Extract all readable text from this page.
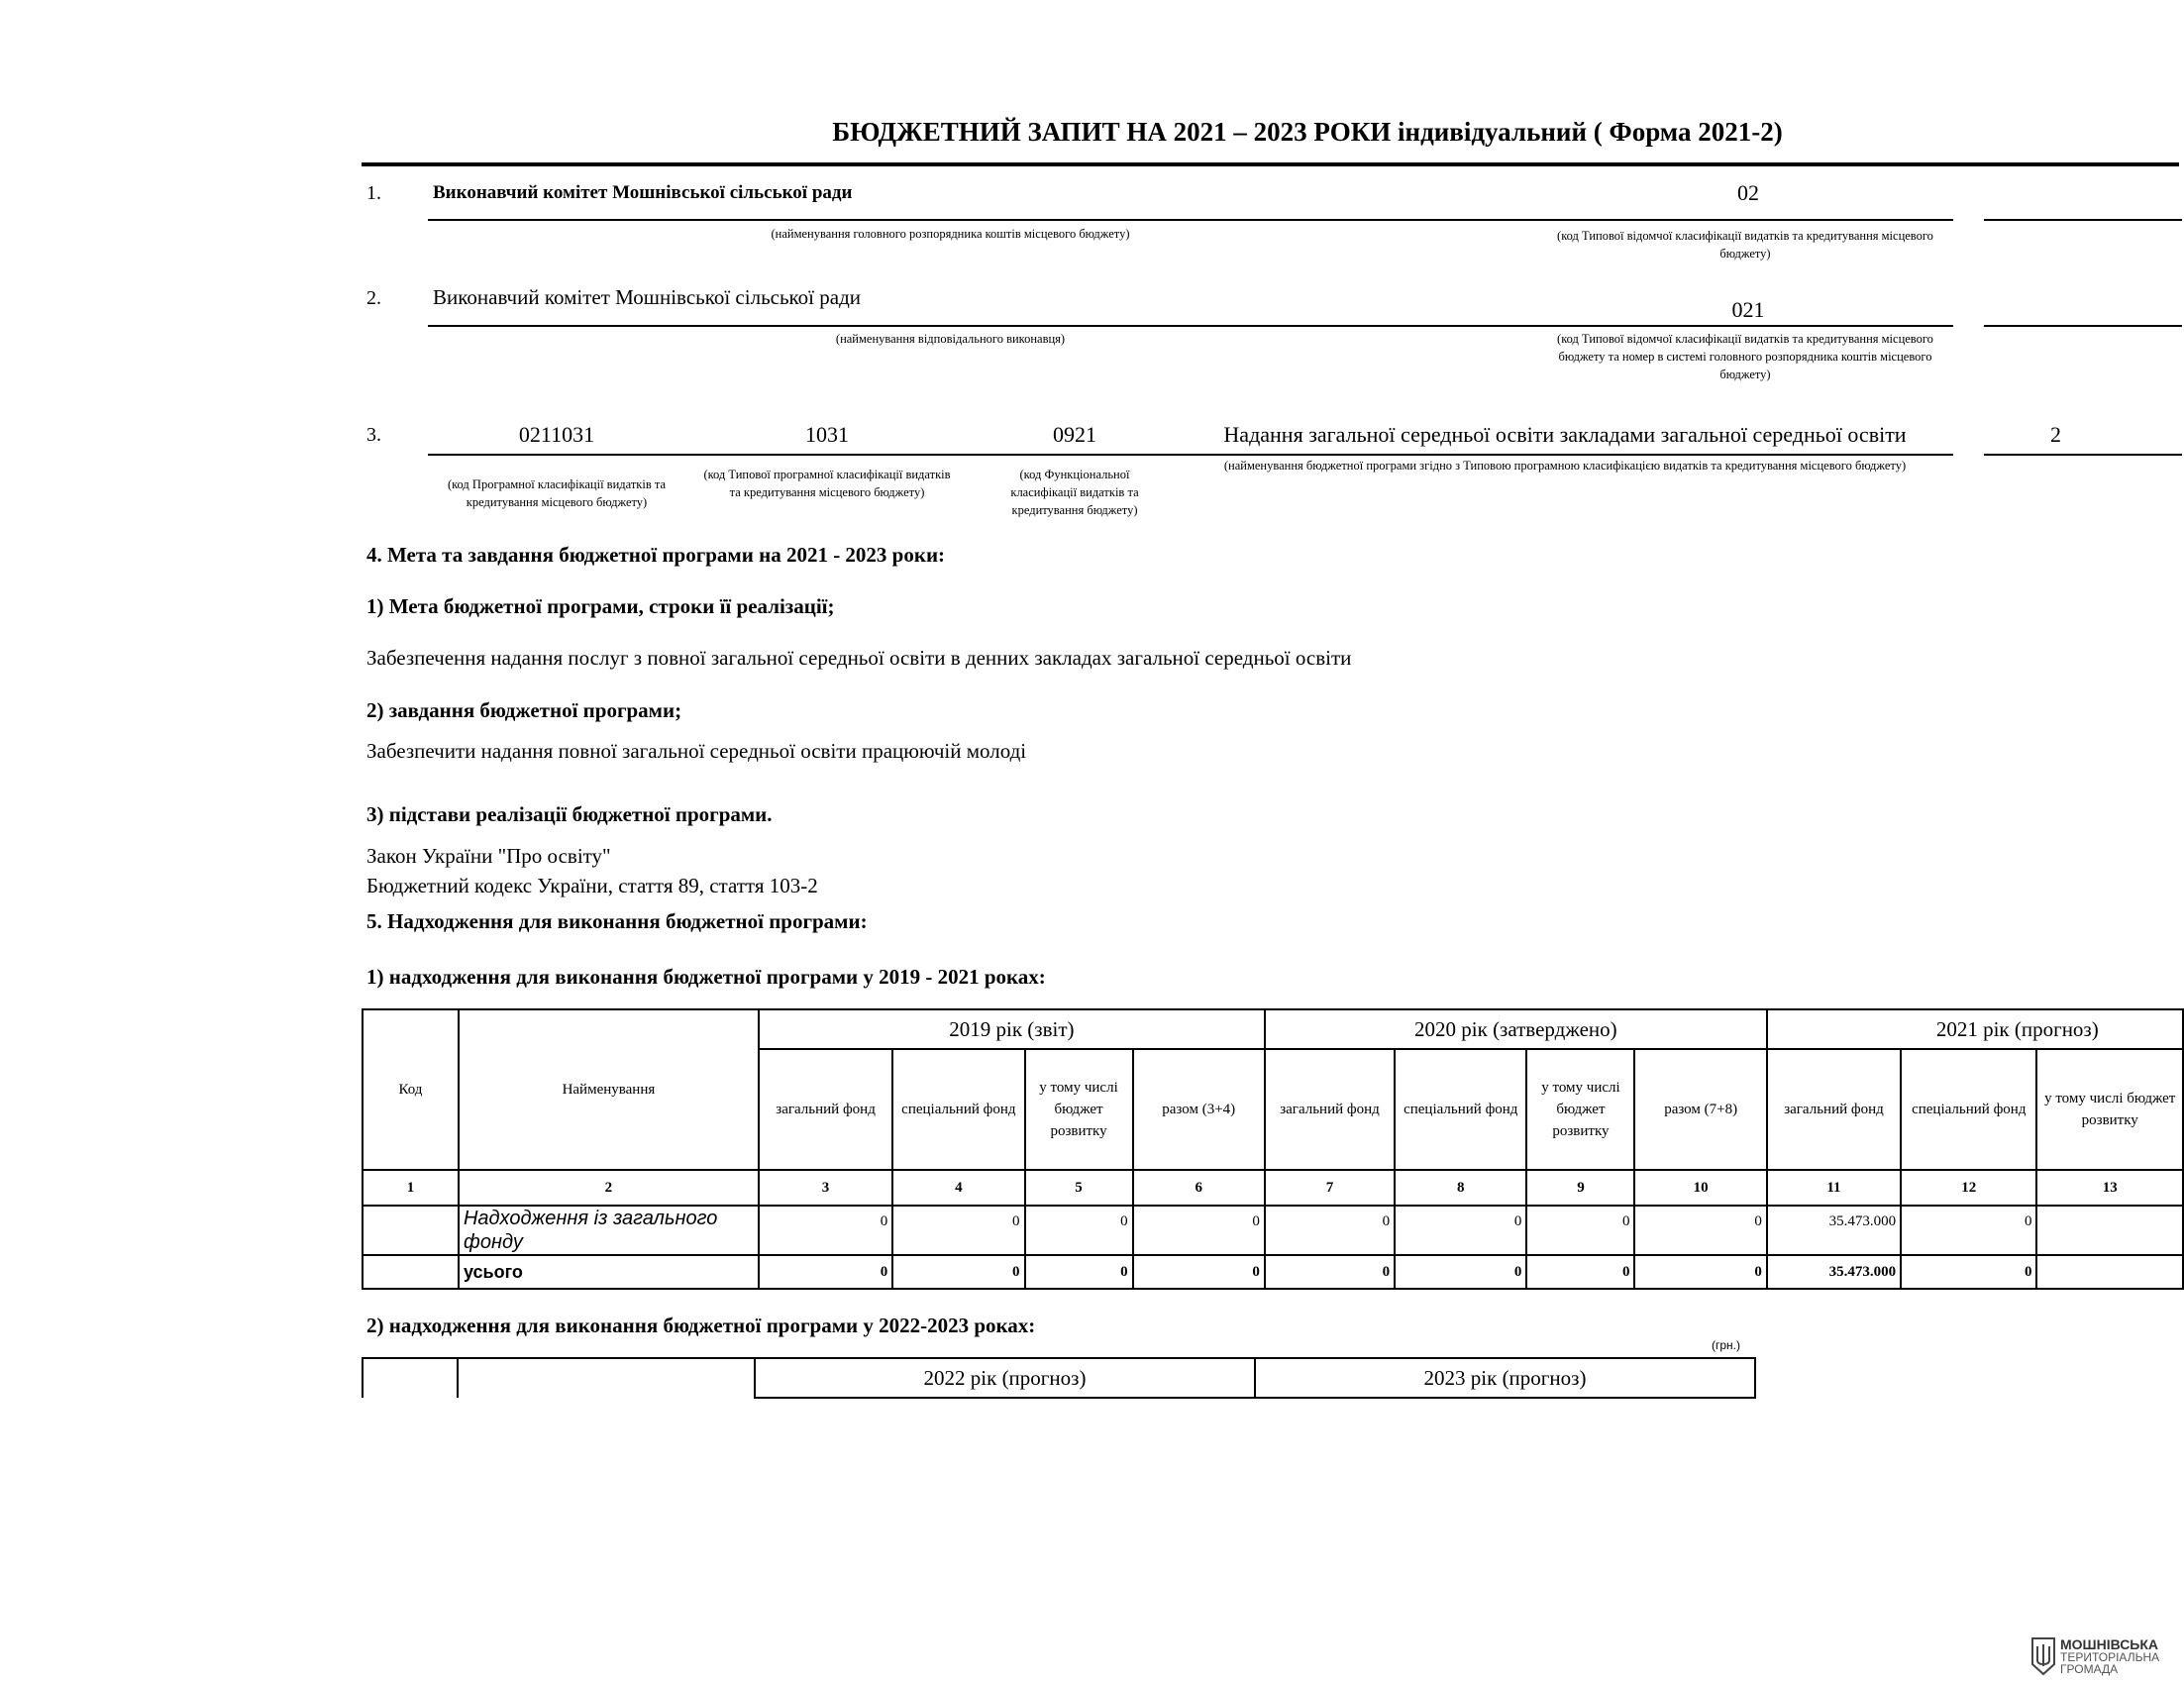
БЮДЖЕТНИЙ ЗАПИТ НА 2021 – 2023 РОКИ індивідуальний ( Форма 2021-2)
1.	Виконавчий комітет Мошнівської сільської ради	02
(найменування головного розпорядника коштів місцевого бюджету)	(код Типової відомчої класифікації видатків та кредитування місцевого бюджету)
2. Виконавчий комітет Мошнівської сільської ради	021
(найменування відповідального виконавця)	(код Типової відомчої класифікації видатків та кредитування місцевого бюджету та номер в системі головного розпорядника коштів місцевого бюджету)
3.	0211031	1031	0921	Надання загальної середньої освіти закладами загальної середньої освіти	2
(код Програмної класифікації видатків та кредитування місцевого бюджету)
(код Типової програмної класифікації видатків та кредитування місцевого бюджету)
(код Функціональної класифікації видатків та кредитування бюджету)
(найменування бюджетної програми згідно з Типовою програмною класифікацією видатків та кредитування місцевого бюджету)
4. Мета та завдання бюджетної програми на 2021 - 2023 роки:
1) Мета бюджетної програми, строки її реалізації;
Забезпечення надання послуг з повної загальної середньої освіти в денних закладах загальної середньої освіти
2) завдання бюджетної програми;
Забезпечити надання повної загальної середньої освіти працюючій молоді
3) підстави реалізації бюджетної програми.
Закон України "Про освіту"
Бюджетний кодекс України, стаття 89, стаття 103-2
5. Надходження для виконання бюджетної програми:
1) надходження для виконання бюджетної програми у 2019 - 2021 роках:
Код	Найменування	2019 рік (звіт)				2020 рік (затверджено)				2021 рік (прогноз)		
		загальний фонд	спеціальний фонд	у тому числі бюджет розвитку	разом (3+4)	загальний фонд	спеціальний фонд	у тому числі бюджет розвитку	разом (7+8)	загальний фонд	спеціальний фонд	у тому числі бюджет розвитку
1	2	3	4	5	6	7	8	9	10	11	12	13

	Надходження із загального фонду	0	0	0	0	0	0	0	0	35.473.000	0	
	усього	0	0	0	0	0	0	0	0	35.473.000	0	
2) надходження для виконання бюджетної програми у 2022-2023 роках:
(грн.)
		2022 рік (прогноз)	2023 рік (прогноз)
МОШНІВСЬКА
ТЕРИТОРІАЛЬНА
ГРОМАДА
